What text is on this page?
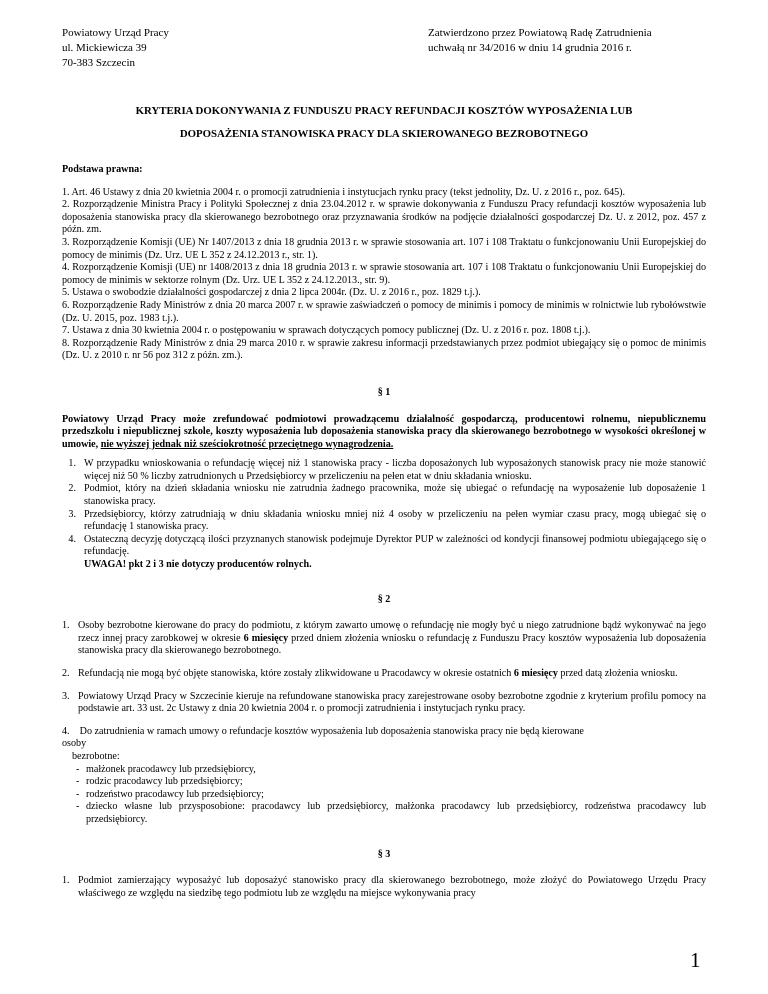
Powiatowy Urząd Pracy
ul. Mickiewicza 39
70-383 Szczecin
Zatwierdzono przez Powiatową Radę Zatrudnienia
uchwałą nr 34/2016 w dniu 14 grudnia 2016 r.
KRYTERIA DOKONYWANIA Z FUNDUSZU PRACY REFUNDACJI KOSZTÓW WYPOSAŻENIA LUB
DOPOSAŻENIA STANOWISKA PRACY DLA SKIEROWANEGO BEZROBOTNEGO

Podstawa prawna:

1. Art. 46 Ustawy z dnia 20 kwietnia 2004 r. o promocji zatrudnienia i instytucjach rynku pracy (tekst jednolity, Dz. U. z 2016 r., poz. 645).

2. Rozporządzenie Ministra Pracy i Polityki Społecznej z dnia 23.04.2012 r. w sprawie dokonywania z Funduszu Pracy refundacji kosztów wyposażenia lub doposażenia stanowiska pracy dla skierowanego bezrobotnego oraz przyznawania środków na podjęcie działalności gospodarczej Dz. U. z 2012, poz. 457 z późn. zm.

3. Rozporządzenie Komisji (UE) Nr 1407/2013 z dnia 18 grudnia 2013 r. w sprawie stosowania art. 107 i 108 Traktatu o funkcjonowaniu Unii Europejskiej do pomocy de minimis (Dz. Urz. UE L 352 z 24.12.2013 r., str. 1).

4. Rozporządzenie Komisji (UE) nr 1408/2013 z dnia 18 grudnia 2013 r. w sprawie stosowania art. 107 i 108 Traktatu o funkcjonowaniu Unii Europejskiej do pomocy de minimis w sektorze rolnym (Dz. Urz. UE L 352 z 24.12.2013., str. 9).

5. Ustawa o swobodzie działalności gospodarczej z dnia 2 lipca 2004r. (Dz. U. z 2016 r., poz. 1829 t.j.).

6. Rozporządzenie Rady Ministrów z dnia 20 marca 2007 r. w sprawie zaświadczeń o pomocy de minimis i pomocy de minimis w rolnictwie lub rybołówstwie (Dz. U. 2015, poz. 1983 t.j.).

7. Ustawa z dnia 30 kwietnia 2004 r. o postępowaniu w sprawach dotyczących pomocy publicznej (Dz. U. z 2016 r. poz. 1808 t.j.).

8. Rozporządzenie Rady Ministrów z dnia 29 marca 2010 r. w sprawie zakresu informacji przedstawianych przez podmiot ubiegający się o pomoc de minimis (Dz. U. z 2010 r. nr 56 poz 312 z późn. zm.).

§ 1

Powiatowy Urząd Pracy może zrefundować podmiotowi prowadzącemu działalność gospodarczą, producentowi rolnemu, niepublicznemu przedszkolu i niepublicznej szkole, koszty wyposażenia lub doposażenia stanowiska pracy dla skierowanego bezrobotnego w wysokości określonej w umowie, nie wyższej jednak niż sześciokrotność przeciętnego wynagrodzenia.

1. W przypadku wnioskowania o refundację więcej niż 1 stanowiska pracy - liczba doposażonych lub wyposażonych stanowisk pracy nie może stanowić więcej niż 50 % liczby zatrudnionych u Przedsiębiorcy w przeliczeniu na pełen etat w dniu składania wniosku.
2. Podmiot, który na dzień składania wniosku nie zatrudnia żadnego pracownika, może się ubiegać o refundację na wyposażenie lub doposażenie 1 stanowiska pracy.
3. Przedsiębiorcy, którzy zatrudniają w dniu składania wniosku mniej niż 4 osoby w przeliczeniu na pełen wymiar czasu pracy, mogą ubiegać się o refundację 1 stanowiska pracy.
4. Ostateczną decyzję dotyczącą ilości przyznanych stanowisk podejmuje Dyrektor PUP w zależności od kondycji finansowej podmiotu ubiegającego się o refundację.
UWAGA! pkt 2 i 3 nie dotyczy producentów rolnych.

§ 2

1. Osoby bezrobotne kierowane do pracy do podmiotu, z którym zawarto umowę o refundację nie mogły być u niego zatrudnione bądź wykonywać na jego rzecz innej pracy zarobkowej w okresie 6 miesięcy przed dniem złożenia wniosku o refundację z Funduszu Pracy kosztów wyposażenia lub doposażenia stanowiska pracy dla skierowanego bezrobotnego.

2. Refundacją nie mogą być objęte stanowiska, które zostały zlikwidowane u Pracodawcy w okresie ostatnich 6 miesięcy przed datą złożenia wniosku.

3. Powiatowy Urząd Pracy w Szczecinie kieruje na refundowane stanowiska pracy zarejestrowane osoby bezrobotne zgodnie z kryterium profilu pomocy na podstawie art. 33 ust. 2c Ustawy z dnia 20 kwietnia 2004 r. o promocji zatrudnienia i instytucjach rynku pracy.

4. Do zatrudnienia w ramach umowy o refundacje kosztów wyposażenia lub doposażenia stanowiska pracy nie będą kierowane

osoby

bezrobotne:

- małżonek pracodawcy lub przedsiębiorcy,
- rodzic pracodawcy lub przedsiębiorcy;
- rodzeństwo pracodawcy lub przedsiębiorcy;
- dziecko własne lub przysposobione: pracodawcy lub przedsiębiorcy, małżonka pracodawcy lub przedsiębiorcy, rodzeństwa pracodawcy lub przedsiębiorcy.

§ 3

1. Podmiot zamierzający wyposażyć lub doposażyć stanowisko pracy dla skierowanego bezrobotnego, może złożyć do Powiatowego Urzędu Pracy właściwego ze względu na siedzibę tego podmiotu lub ze względu na miejsce wykonywania pracy

1
